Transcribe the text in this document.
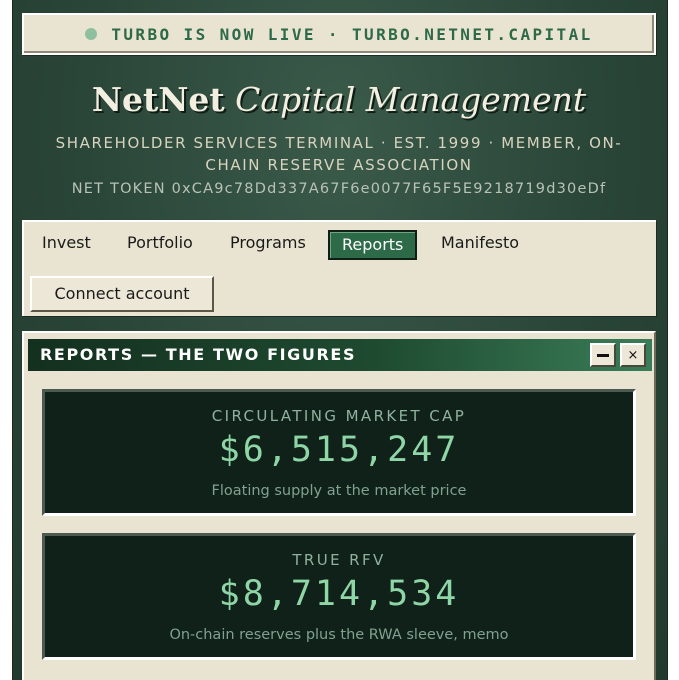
TURBO IS NOW LIVE · TURBO.NETNET.CAPITAL
NetNet Capital Management
SHAREHOLDER SERVICES TERMINAL · EST. 1999 · MEMBER, ON-CHAIN RESERVE ASSOCIATION
NET TOKEN 0xCA9c78Dd337A67F6e0077F65F5E9218719d30eDf
Invest	Portfolio	Programs	Reports	Manifesto
Connect account
REPORTS — THE TWO FIGURES	×
CIRCULATING MARKET CAP
$6,515,247
Floating supply at the market price
TRUE RFV
$8,714,534
On-chain reserves plus the RWA sleeve, memo
